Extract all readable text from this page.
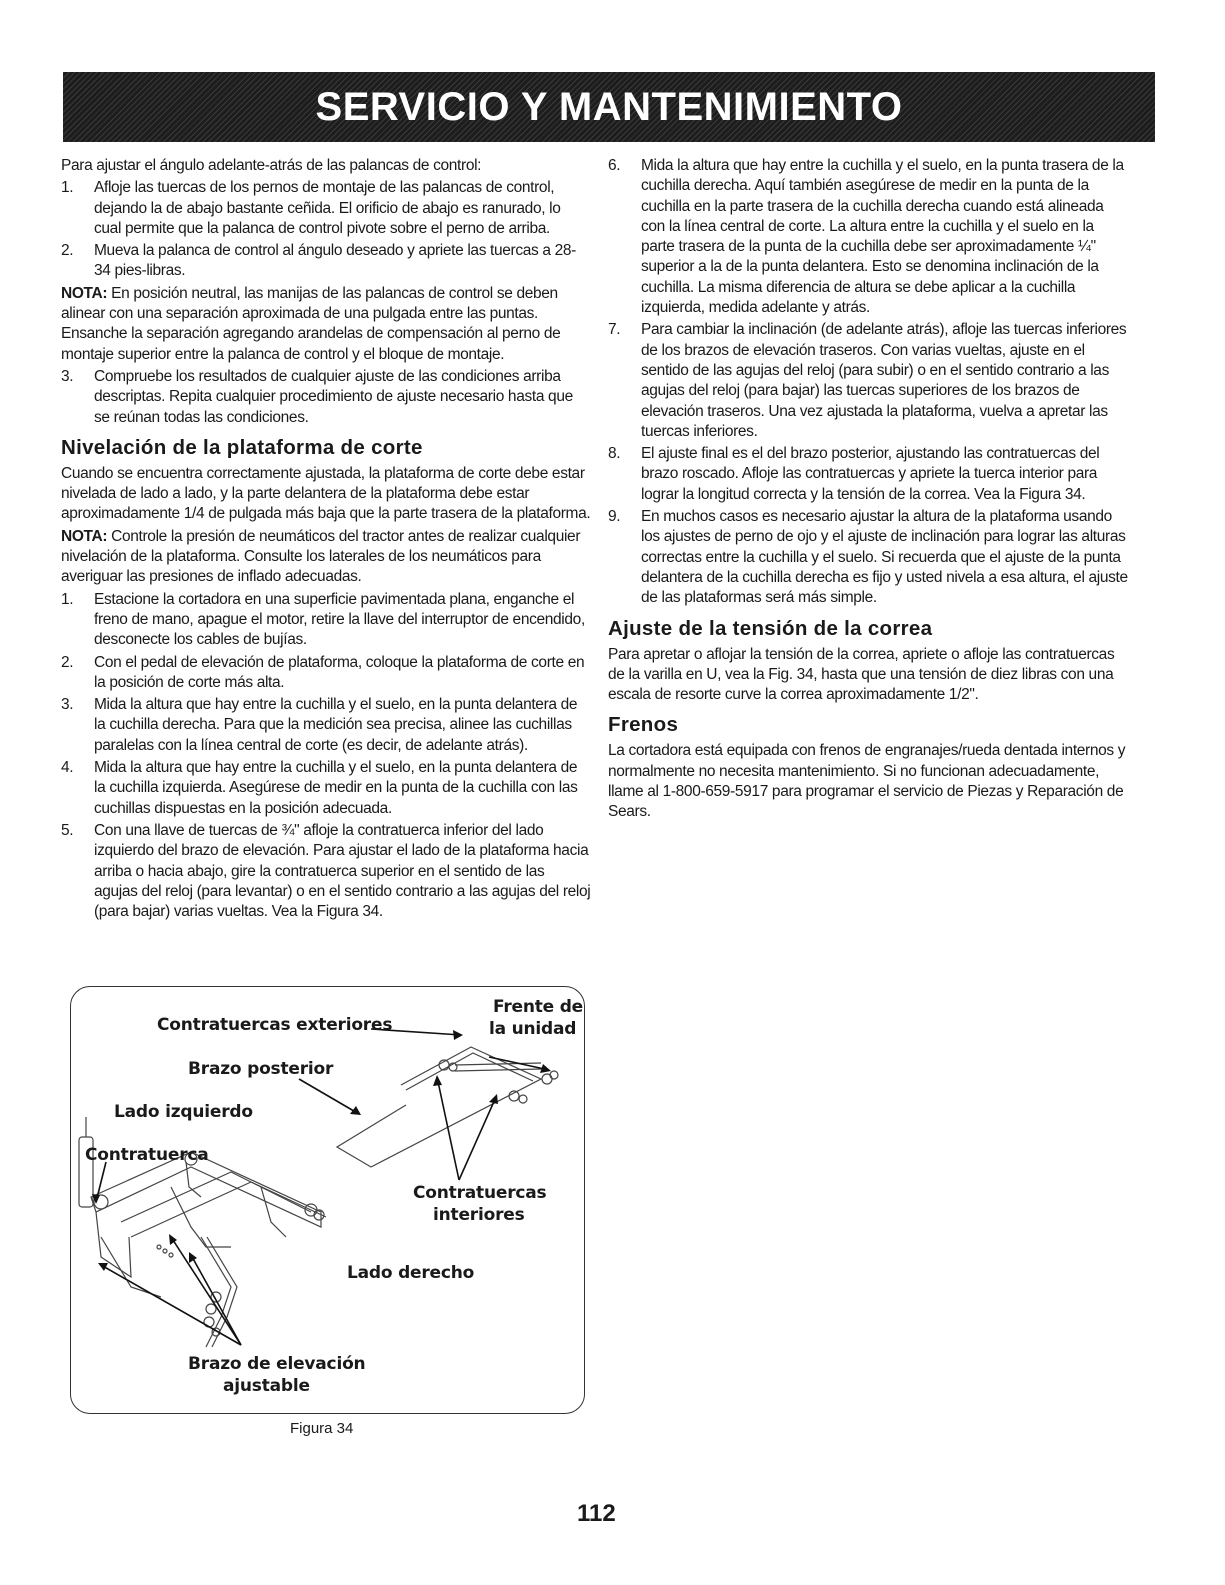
SERVICIO Y MANTENIMIENTO

Para ajustar el ángulo adelante-atrás de las palancas de control:

1. Afloje las tuercas de los pernos de montaje de las palancas de control, dejando la de abajo bastante ceñida. El orificio de abajo es ranurado, lo cual permite que la palanca de control pivote sobre el perno de arriba.
2. Mueva la palanca de control al ángulo deseado y apriete las tuercas a 28-34 pies-libras.

NOTA: En posición neutral, las manijas de las palancas de control se deben alinear con una separación aproximada de una pulgada entre las puntas. Ensanche la separación agregando arandelas de compensación al perno de montaje superior entre la palanca de control y el bloque de montaje.

3. Compruebe los resultados de cualquier ajuste de las condiciones arriba descriptas. Repita cualquier procedimiento de ajuste necesario hasta que se reúnan todas las condiciones.
Nivelación de la plataforma de corte

Cuando se encuentra correctamente ajustada, la plataforma de corte debe estar nivelada de lado a lado, y la parte delantera de la plataforma debe estar aproximadamente 1/4 de pulgada más baja que la parte trasera de la plataforma.

NOTA: Controle la presión de neumáticos del tractor antes de realizar cualquier nivelación de la plataforma. Consulte los laterales de los neumáticos para averiguar las presiones de inflado adecuadas.

1. Estacione la cortadora en una superficie pavimentada plana, enganche el freno de mano, apague el motor, retire la llave del interruptor de encendido, desconecte los cables de bujías.
2. Con el pedal de elevación de plataforma, coloque la plataforma de corte en la posición de corte más alta.
3. Mida la altura que hay entre la cuchilla y el suelo, en la punta delantera de la cuchilla derecha. Para que la medición sea precisa, alinee las cuchillas paralelas con la línea central de corte (es decir, de adelante atrás).
4. Mida la altura que hay entre la cuchilla y el suelo, en la punta delantera de la cuchilla izquierda. Asegúrese de medir en la punta de la cuchilla con las cuchillas dispuestas en la posición adecuada.
5. Con una llave de tuercas de ¾" afloje la contratuerca inferior del lado izquierdo del brazo de elevación. Para ajustar el lado de la plataforma hacia arriba o hacia abajo, gire la contratuerca superior en el sentido de las agujas del reloj (para levantar) o en el sentido contrario a las agujas del reloj (para bajar) varias vueltas. Vea la Figura 34.
6. Mida la altura que hay entre la cuchilla y el suelo, en la punta trasera de la cuchilla derecha. Aquí también asegúrese de medir en la punta de la cuchilla en la parte trasera de la cuchilla derecha cuando está alineada con la línea central de corte. La altura entre la cuchilla y el suelo en la parte trasera de la punta de la cuchilla debe ser aproximadamente ¼" superior a la de la punta delantera. Esto se denomina inclinación de la cuchilla. La misma diferencia de altura se debe aplicar a la cuchilla izquierda, medida adelante y atrás.
7. Para cambiar la inclinación (de adelante atrás), afloje las tuercas inferiores de los brazos de elevación traseros. Con varias vueltas, ajuste en el sentido de las agujas del reloj (para subir) o en el sentido contrario a las agujas del reloj (para bajar) las tuercas superiores de los brazos de elevación traseros. Una vez ajustada la plataforma, vuelva a apretar las tuercas inferiores.
8. El ajuste final es el del brazo posterior, ajustando las contratuercas del brazo roscado. Afloje las contratuercas y apriete la tuerca interior para lograr la longitud correcta y la tensión de la correa. Vea la Figura 34.
9. En muchos casos es necesario ajustar la altura de la plataforma usando los ajustes de perno de ojo y el ajuste de inclinación para lograr las alturas correctas entre la cuchilla y el suelo. Si recuerda que el ajuste de la punta delantera de la cuchilla derecha es fijo y usted nivela a esa altura, el ajuste de las plataformas será más simple.
Ajuste de la tensión de la correa

Para apretar o aflojar la tensión de la correa, apriete o afloje las contratuercas de la varilla en U, vea la Fig. 34, hasta que una tensión de diez libras con una escala de resorte curve la correa aproximadamente 1/2".

Frenos

La cortadora está equipada con frenos de engranajes/rueda dentada internos y normalmente no necesita mantenimiento. Si no funcionan adecuadamente, llame al 1-800-659-5917 para programar el servicio de Piezas y Reparación de Sears.

Contratuercas exteriores
Frente de
la unidad
Brazo posterior
Lado izquierdo
Contratuerca
Contratuercas
interiores
Lado derecho
Brazo de elevación
ajustable
Figura 34
112
